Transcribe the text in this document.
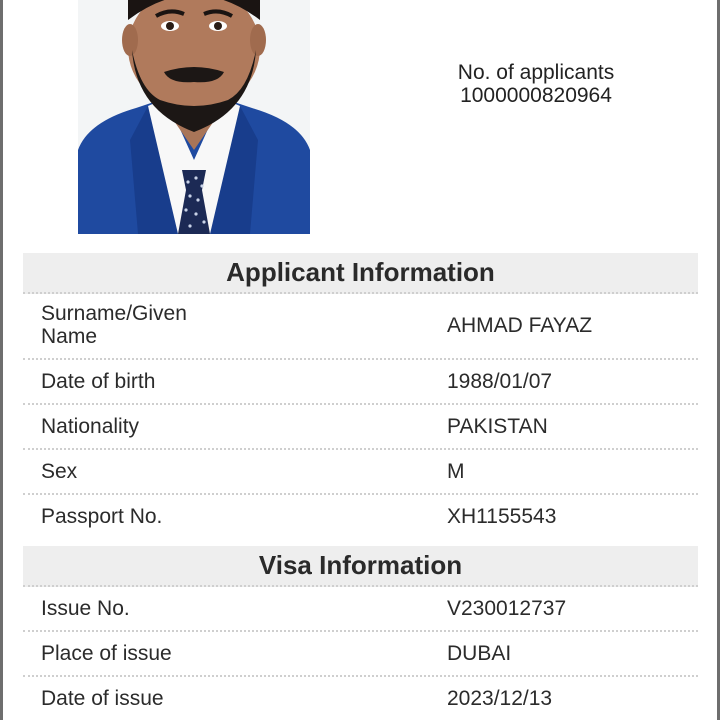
No. of applicants
1000000820964
Applicant Information
Surname/Given
Name	AHMAD FAYAZ
Date of birth	1988/01/07
Nationality	PAKISTAN
Sex	M
Passport No.	XH1155543
Visa Information
Issue No.	V230012737
Place of issue	DUBAI
Date of issue	2023/12/13
